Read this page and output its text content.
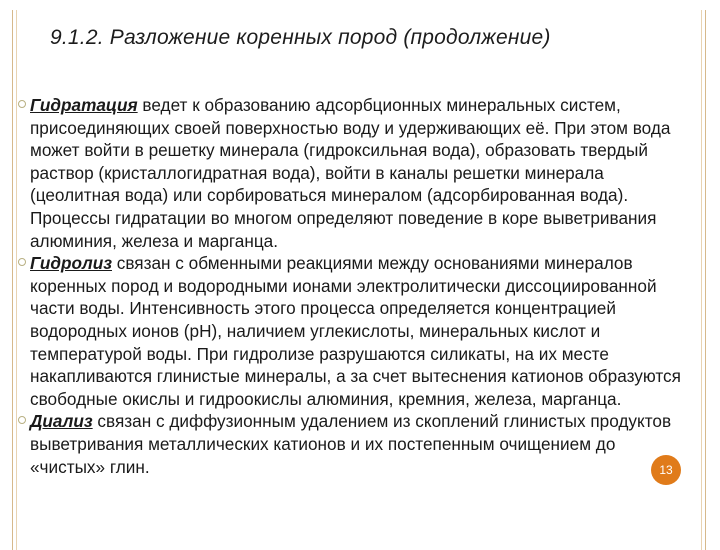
9.1.2. Разложение коренных пород (продолжение)
Гидратация ведет к образованию адсорбционных минеральных систем, присоединяющих своей поверхностью воду и удерживающих её. При этом вода может войти в решетку минерала (гидроксильная вода), образовать твердый раствор (кристаллогидратная вода), войти в каналы решетки минерала (цеолитная вода) или сорбироваться минералом (адсорбированная вода). Процессы гидратации во многом определяют поведение в коре выветривания алюминия, железа и марганца.
Гидролиз связан с обменными реакциями между основаниями минералов коренных пород и водородными ионами электролитически диссоциированной части воды. Интенсивность этого процесса определяется концентрацией водородных ионов (рН), наличием углекислоты, минеральных кислот и температурой воды. При гидролизе разрушаются силикаты, на их месте накапливаются глинистые минералы, а за счет вытеснения катионов образуются свободные окислы и гидроокислы алюминия, кремния, железа, марганца.
Диализ связан с диффузионным удалением из скоплений глинистых продуктов выветривания металлических катионов и их постепенным очищением до «чистых» глин.	13
